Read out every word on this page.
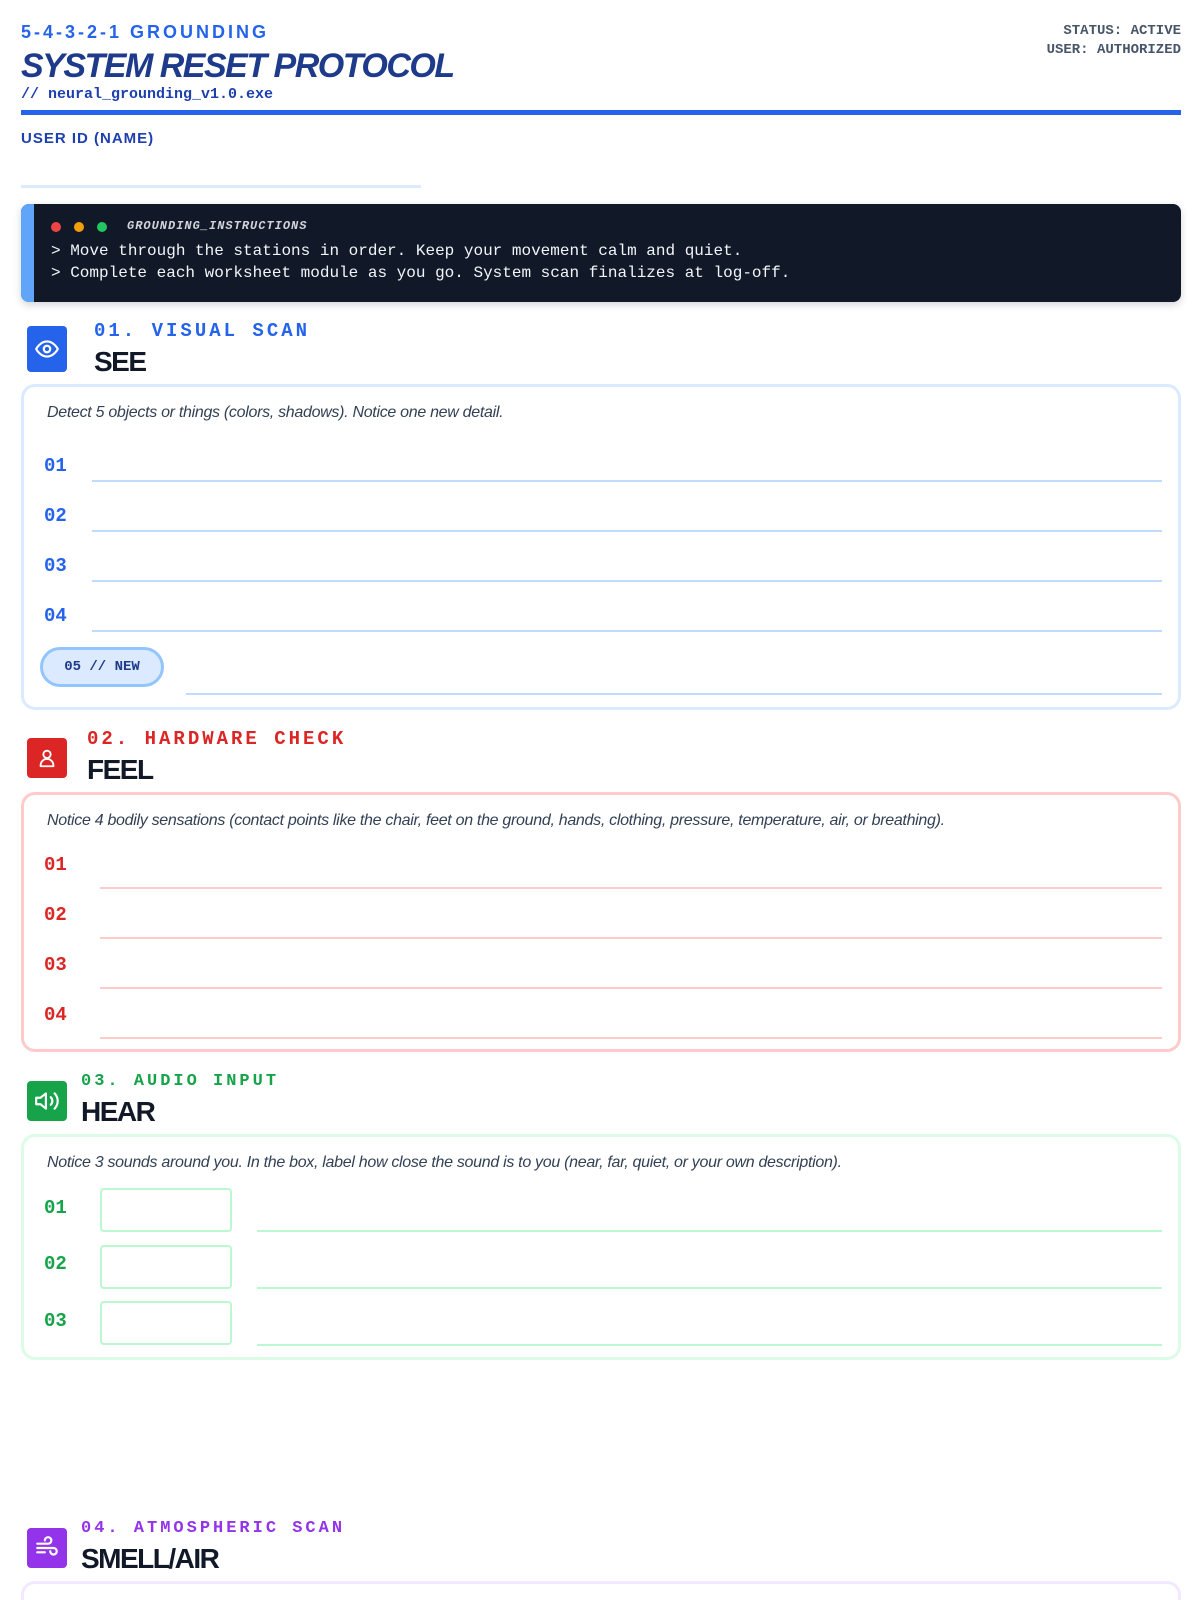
5-4-3-2-1 GROUNDING
SYSTEM RESET PROTOCOL
// neural_grounding_v1.0.exe
STATUS: ACTIVE
USER: AUTHORIZED
USER ID (NAME)
GROUNDING_INSTRUCTIONS
> Move through the stations in order. Keep your movement calm and quiet.
> Complete each worksheet module as you go. System scan finalizes at log-off.
01. VISUAL SCAN
SEE
Detect 5 objects or things (colors, shadows). Notice one new detail.
01
02
03
04
05 // NEW
02. HARDWARE CHECK
FEEL
Notice 4 bodily sensations (contact points like the chair, feet on the ground, hands, clothing, pressure, temperature, air, or breathing).
01
02
03
04
03. AUDIO INPUT
HEAR
Notice 3 sounds around you. In the box, label how close the sound is to you (near, far, quiet, or your own description).
01
02
03
04. ATMOSPHERIC SCAN
SMELL/AIR
